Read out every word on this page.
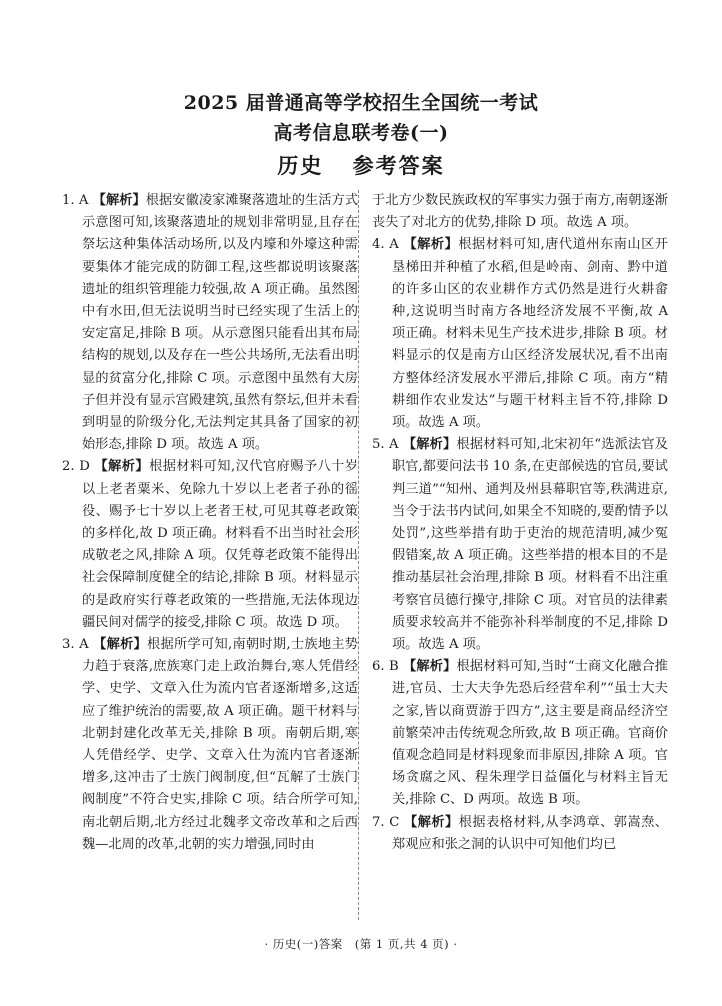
2025 届普通高等学校招生全国统一考试
高考信息联考卷(一)
历史 参考答案
1. A 【解析】根据安徽凌家滩聚落遗址的生活方式示意图可知,该聚落遗址的规划非常明显,且存在祭坛这种集体活动场所,以及内壕和外壕这种需要集体才能完成的防御工程,这些都说明该聚落遗址的组织管理能力较强,故 A 项正确。虽然图中有水田,但无法说明当时已经实现了生活上的安定富足,排除 B 项。从示意图只能看出其布局结构的规划,以及存在一些公共场所,无法看出明显的贫富分化,排除 C 项。示意图中虽然有大房子但并没有显示宫殿建筑,虽然有祭坛,但并未看到明显的阶级分化,无法判定其具备了国家的初始形态,排除 D 项。故选 A 项。
2. D 【解析】根据材料可知,汉代官府赐予八十岁以上老者粟米、免除九十岁以上老者子孙的徭役、赐予七十岁以上老者王杖,可见其尊老政策的多样化,故 D 项正确。材料看不出当时社会形成敬老之风,排除 A 项。仅凭尊老政策不能得出社会保障制度健全的结论,排除 B 项。材料显示的是政府实行尊老政策的一些措施,无法体现边疆民间对儒学的接受,排除 C 项。故选 D 项。
3. A 【解析】根据所学可知,南朝时期,士族地主势力趋于衰落,庶族寒门走上政治舞台,寒人凭借经学、史学、文章入仕为流内官者逐渐增多,这适应了维护统治的需要,故 A 项正确。题干材料与北朝封建化改革无关,排除 B 项。南朝后期,寒人凭借经学、史学、文章入仕为流内官者逐渐增多,这冲击了士族门阀制度,但“瓦解了士族门阀制度”不符合史实,排除 C 项。结合所学可知,南北朝后期,北方经过北魏孝文帝改革和之后西魏—北周的改革,北朝的实力增强,同时由
于北方少数民族政权的军事实力强于南方,南朝逐渐丧失了对北方的优势,排除 D 项。故选 A 项。
4. A 【解析】根据材料可知,唐代道州东南山区开垦梯田并种植了水稻,但是岭南、剑南、黔中道的许多山区的农业耕作方式仍然是进行火耕畲种,这说明当时南方各地经济发展不平衡,故 A 项正确。材料未见生产技术进步,排除 B 项。材料显示的仅是南方山区经济发展状况,看不出南方整体经济发展水平滞后,排除 C 项。南方“精耕细作农业发达”与题干材料主旨不符,排除 D 项。故选 A 项。
5. A 【解析】根据材料可知,北宋初年“选派法官及职官,都要问法书 10 条,在吏部候选的官员,要试判三道”“知州、通判及州县幕职官等,秩满进京,当令于法书内试问,如果全不知晓的,要酌情予以处罚”,这些举措有助于吏治的规范清明,减少冤假错案,故 A 项正确。这些举措的根本目的不是推动基层社会治理,排除 B 项。材料看不出注重考察官员德行操守,排除 C 项。对官员的法律素质要求较高并不能弥补科举制度的不足,排除 D 项。故选 A 项。
6. B 【解析】根据材料可知,当时“士商文化融合推进,官员、士大夫争先恐后经营牟利”“虽士大夫之家,皆以商贾游于四方”,这主要是商品经济空前繁荣冲击传统观念所致,故 B 项正确。官商价值观念趋同是材料现象而非原因,排除 A 项。官场贪腐之风、程朱理学日益僵化与材料主旨无关,排除 C、D 两项。故选 B 项。
7. C 【解析】根据表格材料,从李鸿章、郭嵩焘、郑观应和张之洞的认识中可知他们均已
· 历史(一)答案　(第 1 页,共 4 页) ·
